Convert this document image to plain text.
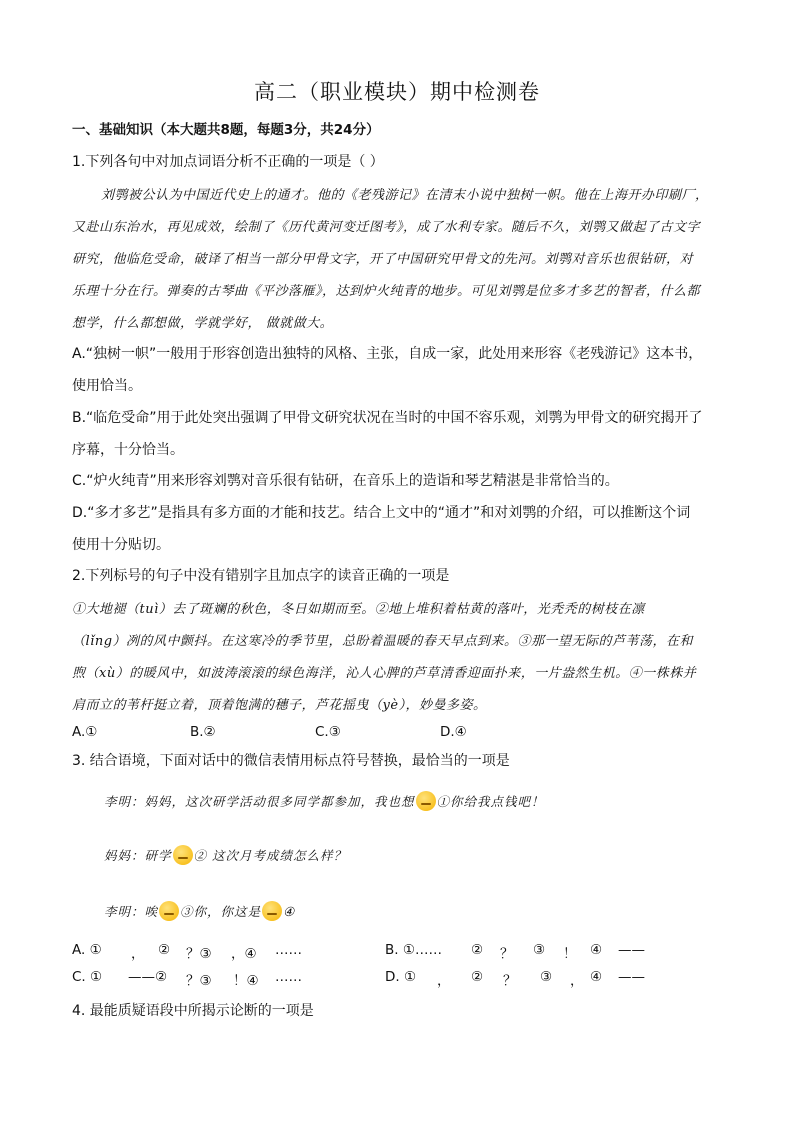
高二（职业模块）期中检测卷
一、基础知识（本大题共8题，每题3分，共24分）
1.下列各句中对加点词语分析不正确的一项是（ ）
刘鹗被公认为中国近代史上的通才。他的《老残游记》在清末小说中独树一帜。他在上海开办印刷厂，
又赴山东治水，再见成效，绘制了《历代黄河变迁图考》，成了水利专家。随后不久，刘鹗又做起了古文字
研究，他临危受命，破译了相当一部分甲骨文字，开了中国研究甲骨文的先河。刘鹗对音乐也很钻研，对
乐理十分在行。弹奏的古琴曲《平沙落雁》，达到炉火纯青的地步。可见刘鹗是位多才多艺的智者，什么都
想学，什么都想做，学就学好， 做就做大。
A.“独树一帜”一般用于形容创造出独特的风格、主张，自成一家，此处用来形容《老残游记》这本书，
使用恰当。
B.“临危受命”用于此处突出强调了甲骨文研究状况在当时的中国不容乐观，刘鹗为甲骨文的研究揭开了
序幕，十分恰当。
C.“炉火纯青”用来形容刘鹗对音乐很有钻研，在音乐上的造诣和琴艺精湛是非常恰当的。
D.“多才多艺”是指具有多方面的才能和技艺。结合上文中的“通才”和对刘鹗的介绍，可以推断这个词
使用十分贴切。
2.下列标号的句子中没有错别字且加点字的读音正确的一项是
①大地褪（tuì）去了斑斓的秋色，冬日如期而至。②地上堆积着枯黄的落叶，光秃秃的树枝在凛
（lǐng）冽的风中颤抖。在这寒冷的季节里，总盼着温暖的春天早点到来。③那一望无际的芦苇荡，在和
煦（xù）的暖风中，如波涛滚滚的绿色海洋，沁人心脾的芦草清香迎面扑来，一片盎然生机。④一株株并
肩而立的苇杆挺立着，顶着饱满的穗子，芦花摇曳（yè），妙曼多姿。
A.①	B.②	C.③	D.④
3. 结合语境，下面对话中的微信表情用标点符号替换，最恰当的一项是
李明：妈妈，这次研学活动很多同学都参加，我也想 ①你给我点钱吧！
妈妈：研学 ② 这次月考成绩怎么样？
李明：唉 ③你，你这是 ④
A. ① ， ② ？③ ，④ ……	B. ①…… ② ？ ③ ！ ④ ——
C. ① ——② ？③ ！④ ……	D. ① ， ② ？ ③ ， ④ ——
4. 最能质疑语段中所揭示论断的一项是
